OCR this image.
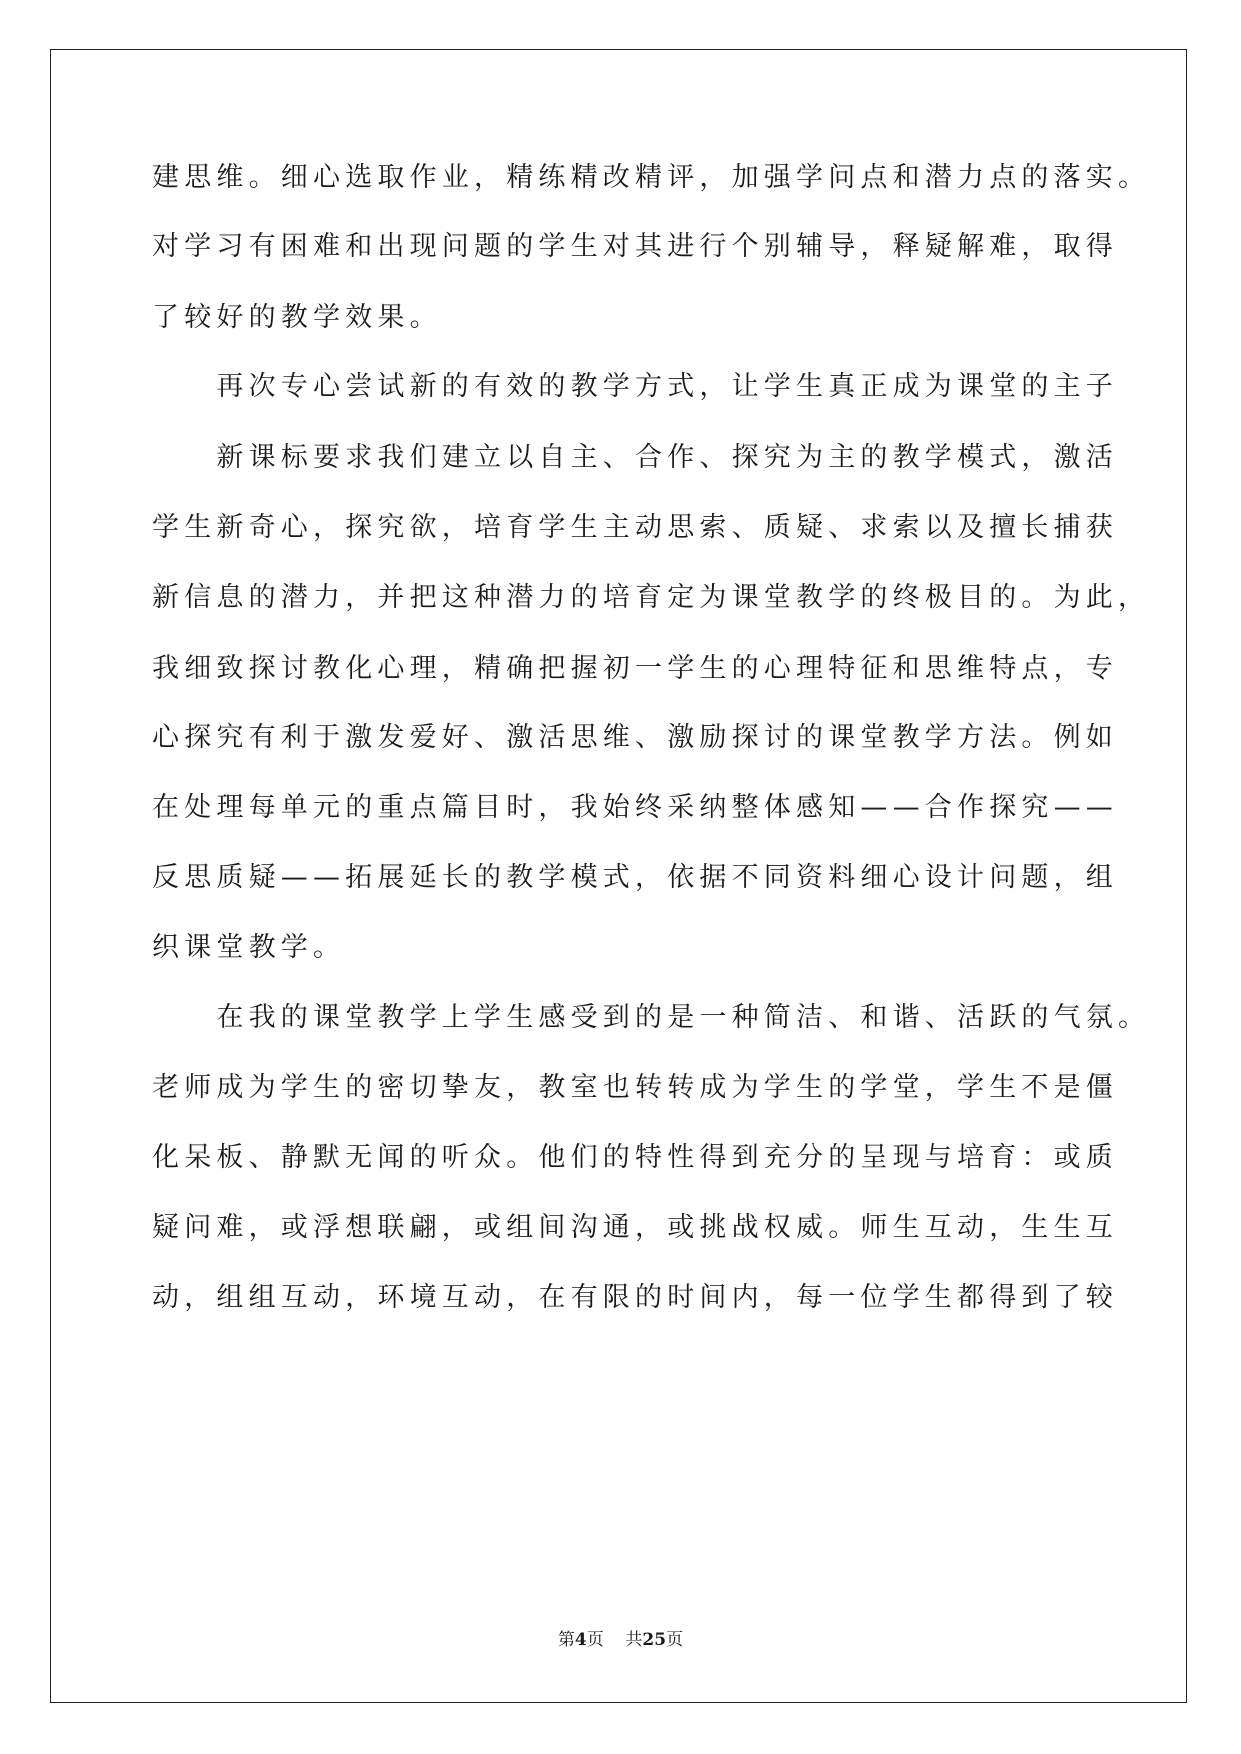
建思维。细心选取作业，精练精改精评，加强学问点和潜力点的落实。
对学习有困难和出现问题的学生对其进行个别辅导，释疑解难，取得
了较好的教学效果。
　　再次专心尝试新的有效的教学方式，让学生真正成为课堂的主子
　　新课标要求我们建立以自主、合作、探究为主的教学模式，激活
学生新奇心，探究欲，培育学生主动思索、质疑、求索以及擅长捕获
新信息的潜力，并把这种潜力的培育定为课堂教学的终极目的。为此，
我细致探讨教化心理，精确把握初一学生的心理特征和思维特点，专
心探究有利于激发爱好、激活思维、激励探讨的课堂教学方法。例如
在处理每单元的重点篇目时，我始终采纳整体感知——合作探究——
反思质疑——拓展延长的教学模式，依据不同资料细心设计问题，组
织课堂教学。
　　在我的课堂教学上学生感受到的是一种简洁、和谐、活跃的气氛。
老师成为学生的密切挚友，教室也转转成为学生的学堂，学生不是僵
化呆板、静默无闻的听众。他们的特性得到充分的呈现与培育：或质
疑问难，或浮想联翩，或组间沟通，或挑战权威。师生互动，生生互
动，组组互动，环境互动，在有限的时间内，每一位学生都得到了较
第4页 共25页
